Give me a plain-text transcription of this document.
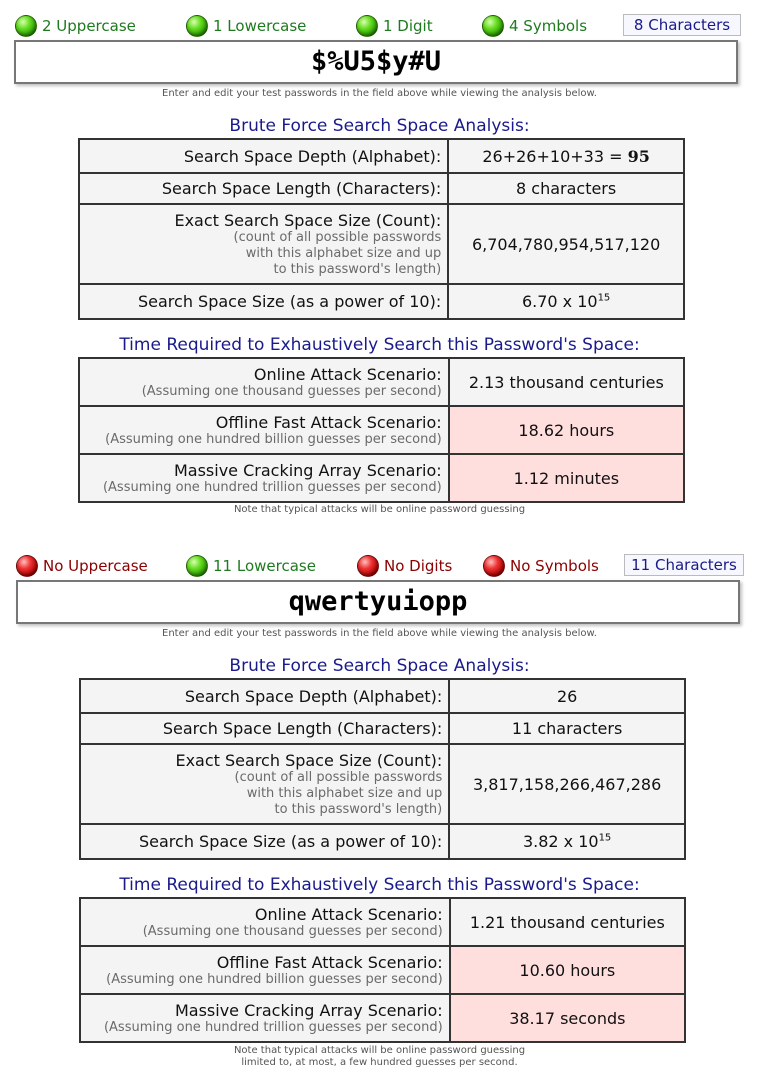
2 Uppercase	1 Lowercase	1 Digit	4 Symbols	8 Characters
$%U5$y#U
Enter and edit your test passwords in the field above while viewing the analysis below.
Brute Force Search Space Analysis:
Search Space Depth (Alphabet):	26+26+10+33 = 95
Search Space Length (Characters):	8 characters
Exact Search Space Size (Count):
(count of all possible passwords
with this alphabet size and up
to this password's length)	6,704,780,954,517,120
Search Space Size (as a power of 10):	6.70 x $10^{15}$
Time Required to Exhaustively Search this Password's Space:
Online Attack Scenario:
(Assuming one thousand guesses per second)	2.13 thousand centuries
Offline Fast Attack Scenario:
(Assuming one hundred billion guesses per second)	18.62 hours
Massive Cracking Array Scenario:
(Assuming one hundred trillion guesses per second)	1.12 minutes
Note that typical attacks will be online password guessing
No Uppercase	11 Lowercase	No Digits	No Symbols 11 Characters
qwertyuiopp
Enter and edit your test passwords in the field above while viewing the analysis below.
Brute Force Search Space Analysis:
Search Space Depth (Alphabet):	26
Search Space Length (Characters):	11 characters
Exact Search Space Size (Count):
(count of all possible passwords
with this alphabet size and up
to this password's length)	3,817,158,266,467,286
Search Space Size (as a power of 10):	3.82 x $10^{15}$
Time Required to Exhaustively Search this Password's Space:
Online Attack Scenario:
(Assuming one thousand guesses per second)	1.21 thousand centuries
Offline Fast Attack Scenario:
(Assuming one hundred billion guesses per second)	10.60 hours
Massive Cracking Array Scenario:
(Assuming one hundred trillion guesses per second)	38.17 seconds
Note that typical attacks will be online password guessing
limited to, at most, a few hundred guesses per second.
